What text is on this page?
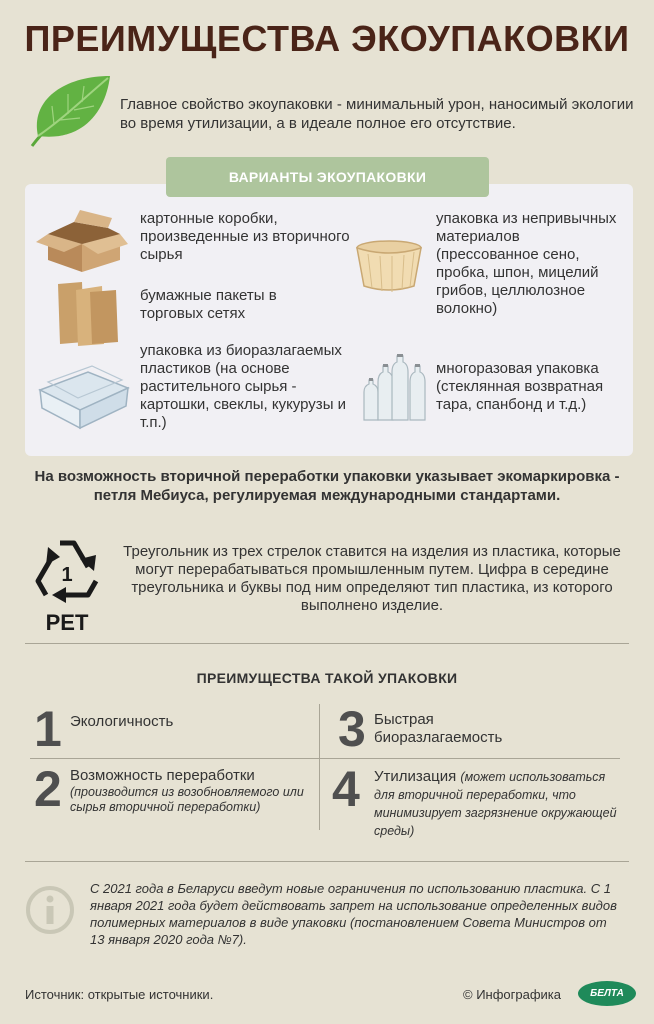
ПРЕИМУЩЕСТВА ЭКОУПАКОВКИ
Главное свойство экоупаковки - минимальный урон, наносимый экологии во время утилизации, а в идеале полное его отсутствие.
ВАРИАНТЫ ЭКОУПАКОВКИ
картонные коробки, произведенные из вторичного сырья
бумажные пакеты в торговых сетях
упаковка из биоразлагаемых пластиков (на основе растительного сырья - картошки, свеклы, кукурузы и т.п.)
упаковка из непривычных материалов (прессованное сено, пробка, шпон, мицелий грибов, целлюлозное волокно)
многоразовая упаковка (стеклянная возвратная тара, спанбонд и т.д.)
На возможность вторичной переработки упаковки указывает экомаркировка - петля Мебиуса, регулируемая международными стандартами.
1
PET
Треугольник из трех стрелок ставится на изделия из пластика, которые могут перерабатываться промышленным путем. Цифра в середине треугольника и буквы под ним определяют тип пластика, из которого выполнено изделие.
ПРЕИМУЩЕСТВА ТАКОЙ УПАКОВКИ
1 Экологичность
2 Возможность переработки
(производится из возобновляемого или сырья вторичной переработки)
3 Быстрая биоразлагаемость
4 Утилизация (может использоваться для вторичной переработки, что минимизирует загрязнение окружающей среды)
С 2021 года в Беларуси введут новые ограничения по использованию пластика. С 1 января 2021 года будет действовать запрет на использование определенных видов полимерных материалов в виде упаковки (постановлением Совета Министров от 13 января 2020 года №7).
Источник: открытые источники.	© Инфографика	БЕЛТА
